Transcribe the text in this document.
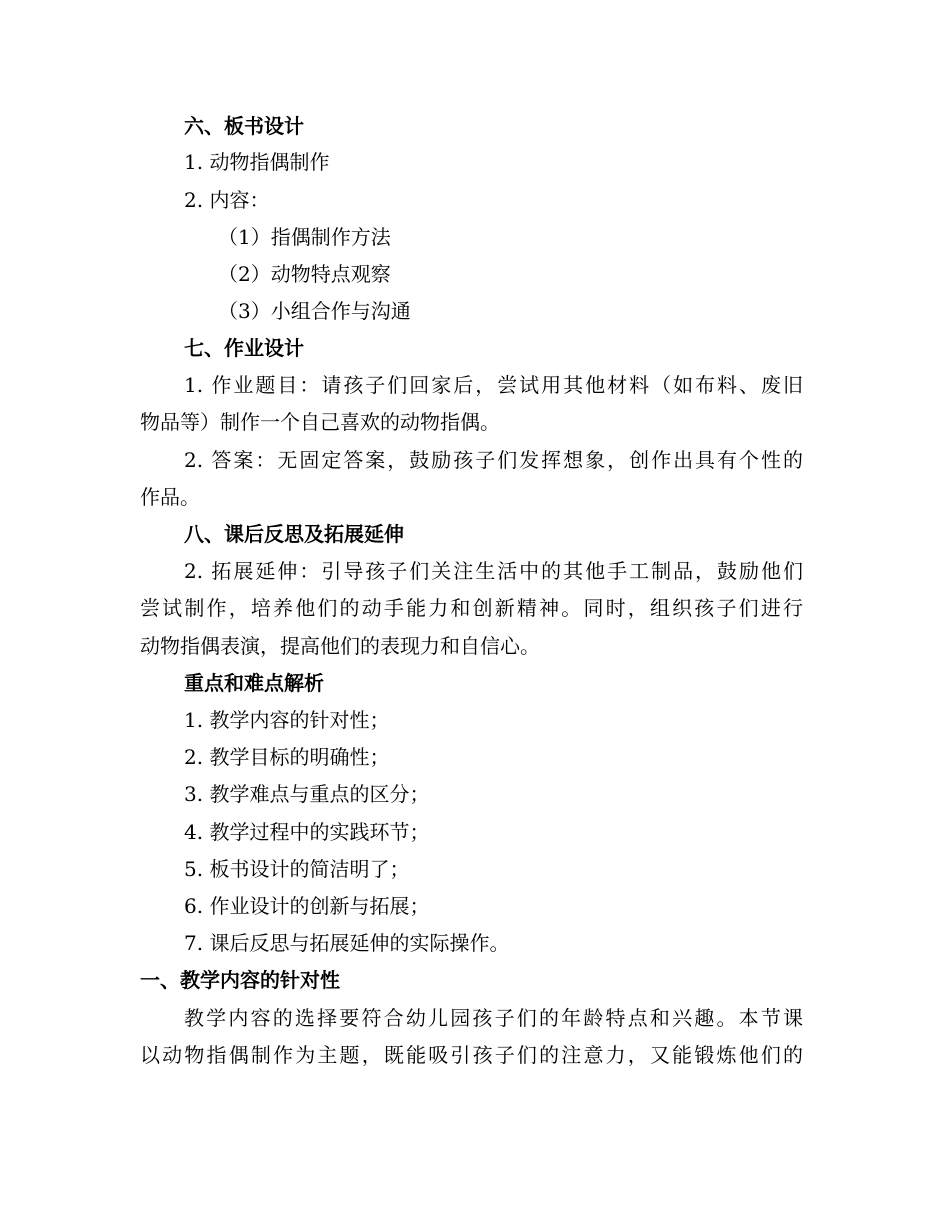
六、板书设计
1. 动物指偶制作
2. 内容：
（1）指偶制作方法
（2）动物特点观察
（3）小组合作与沟通
七、作业设计
1. 作业题目：请孩子们回家后，尝试用其他材料（如布料、废旧
物品等）制作一个自己喜欢的动物指偶。
2. 答案：无固定答案，鼓励孩子们发挥想象，创作出具有个性的
作品。
八、课后反思及拓展延伸
2. 拓展延伸：引导孩子们关注生活中的其他手工制品，鼓励他们
尝试制作，培养他们的动手能力和创新精神。同时，组织孩子们进行
动物指偶表演，提高他们的表现力和自信心。
重点和难点解析
1. 教学内容的针对性；
2. 教学目标的明确性；
3. 教学难点与重点的区分；
4. 教学过程中的实践环节；
5. 板书设计的简洁明了；
6. 作业设计的创新与拓展；
7. 课后反思与拓展延伸的实际操作。
一、教学内容的针对性
教学内容的选择要符合幼儿园孩子们的年龄特点和兴趣。本节课
以动物指偶制作为主题，既能吸引孩子们的注意力，又能锻炼他们的
